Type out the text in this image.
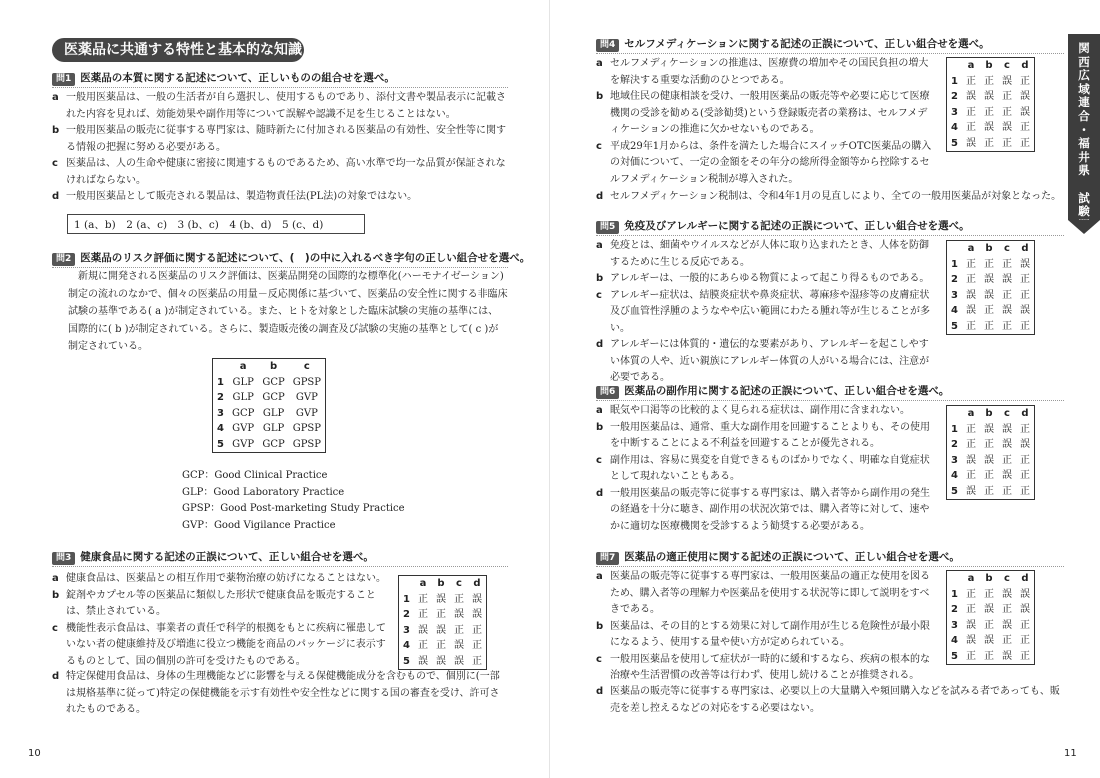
医薬品に共通する特性と基本的な知識
問1 医薬品の本質に関する記述について、正しいものの組合せを選べ。
a 一般用医薬品は、一般の生活者が自ら選択し、使用するものであり、添付文書や製品表示に記載された内容を見れば、効能効果や副作用等について誤解や認識不足を生じることはない。
b 一般用医薬品の販売に従事する専門家は、随時新たに付加される医薬品の有効性、安全性等に関する情報の把握に努める必要がある。
c 医薬品は、人の生命や健康に密接に関連するものであるため、高い水準で均一な品質が保証されなければならない。
d 一般用医薬品として販売される製品は、製造物責任法(PL法)の対象ではない。
1 (a、b)　2 (a、c)　3 (b、c)　4 (b、d)　5 (c、d)
問2 医薬品のリスク評価に関する記述について、(　)の中に入れるべき字句の正しい組合せを選べ。
新規に開発される医薬品のリスク評価は、医薬品開発の国際的な標準化(ハーモナイゼーション)制定の流れのなかで、個々の医薬品の用量－反応関係に基づいて、医薬品の安全性に関する非臨床試験の基準である( a )が制定されている。また、ヒトを対象とした臨床試験の実施の基準には、国際的に( b )が制定されている。さらに、製造販売後の調査及び試験の実施の基準として( c )が制定されている。
	a	b	c
1	GLP	GCP	GPSP
2	GLP	GCP	GVP
3	GCP	GLP	GVP
4	GVP	GLP	GPSP
5	GVP	GCP	GPSP
GCP：Good Clinical Practice
GLP：Good Laboratory Practice
GPSP：Good Post-marketing Study Practice
GVP：Good Vigilance Practice
問3 健康食品に関する記述の正誤について、正しい組合せを選べ。
a 健康食品は、医薬品との相互作用で薬物治療の妨げになることはない。
b 錠剤やカプセル等の医薬品に類似した形状で健康食品を販売することは、禁止されている。
c 機能性表示食品は、事業者の責任で科学的根拠をもとに疾病に罹患していない者の健康維持及び増進に役立つ機能を商品のパッケージに表示するものとして、国の個別の許可を受けたものである。
d 特定保健用食品は、身体の生理機能などに影響を与える保健機能成分を含むもので、個別に(一部は規格基準に従って)特定の保健機能を示す有効性や安全性などに関する国の審査を受け、許可されたものである。
	a	b	c	d
1	正	誤	正	誤
2	正	正	誤	誤
3	誤	誤	正	正
4	正	正	誤	正
5	誤	誤	誤	正
10
問4 セルフメディケーションに関する記述の正誤について、正しい組合せを選べ。
a セルフメディケーションの推進は、医療費の増加やその国民負担の増大を解決する重要な活動のひとつである。
b 地域住民の健康相談を受け、一般用医薬品の販売等や必要に応じて医療機関の受診を勧める(受診勧奨)という登録販売者の業務は、セルフメディケーションの推進に欠かせないものである。
c 平成29年1月からは、条件を満たした場合にスイッチOTC医薬品の購入の対価について、一定の金額をその年分の総所得金額等から控除するセルフメディケーション税制が導入された。
d セルフメディケーション税制は、令和4年1月の見直しにより、全ての一般用医薬品が対象となった。
	a	b	c	d
1	正	正	誤	正
2	誤	誤	正	誤
3	正	正	正	誤
4	正	誤	誤	正
5	誤	正	正	正
問5 免疫及びアレルギーに関する記述の正誤について、正しい組合せを選べ。
a 免疫とは、細菌やウイルスなどが人体に取り込まれたとき、人体を防御するために生じる反応である。
b アレルギーは、一般的にあらゆる物質によって起こり得るものである。
c アレルギー症状は、結膜炎症状や鼻炎症状、蕁麻疹や湿疹等の皮膚症状及び血管性浮腫のようなやや広い範囲にわたる腫れ等が生じることが多い。
d アレルギーには体質的・遺伝的な要素があり、アレルギーを起こしやすい体質の人や、近い親族にアレルギー体質の人がいる場合には、注意が必要である。
	a	b	c	d
1	正	正	正	誤
2	正	誤	誤	正
3	誤	誤	正	正
4	誤	正	誤	誤
5	正	正	正	正
問6 医薬品の副作用に関する記述の正誤について、正しい組合せを選べ。
a 眠気や口渇等の比較的よく見られる症状は、副作用に含まれない。
b 一般用医薬品は、通常、重大な副作用を回避することよりも、その使用を中断することによる不利益を回避することが優先される。
c 副作用は、容易に異変を自覚できるものばかりでなく、明確な自覚症状として現れないこともある。
d 一般用医薬品の販売等に従事する専門家は、購入者等から副作用の発生の経過を十分に聴き、副作用の状況次第では、購入者等に対して、速やかに適切な医療機関を受診するよう勧奨する必要がある。
	a	b	c	d
1	正	誤	誤	正
2	正	正	誤	誤
3	誤	誤	正	正
4	正	正	誤	正
5	誤	正	正	正
問7 医薬品の適正使用に関する記述の正誤について、正しい組合せを選べ。
a 医薬品の販売等に従事する専門家は、一般用医薬品の適正な使用を図るため、購入者等の理解力や医薬品を使用する状況等に即して説明をすべきである。
b 医薬品は、その目的とする効果に対して副作用が生じる危険性が最小限になるよう、使用する量や使い方が定められている。
c 一般用医薬品を使用して症状が一時的に緩和するなら、疾病の根本的な治療や生活習慣の改善等は行わず、使用し続けることが推奨される。
d 医薬品の販売等に従事する専門家は、必要以上の大量購入や頻回購入などを試みる者であっても、販売を差し控えるなどの対応をする必要はない。
	a	b	c	d
1	正	正	誤	誤
2	正	誤	正	誤
3	誤	正	誤	正
4	誤	誤	正	正
5	正	正	誤	正
11
関
西
広
域
連
合
・
福
井
県

試
験
問
題
